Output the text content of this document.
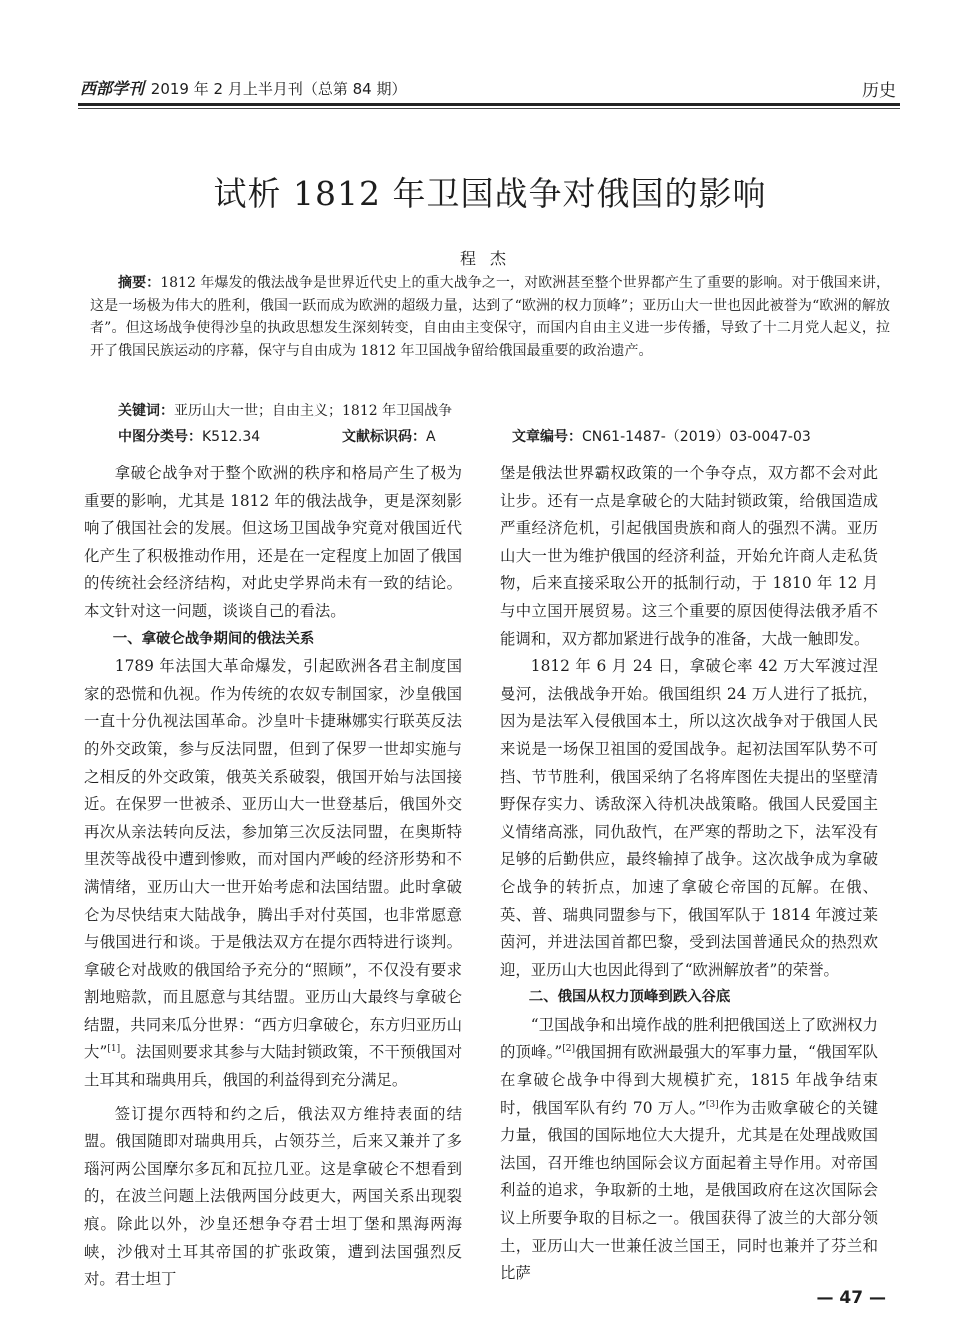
西部学刊 2019 年 2 月上半月刊（总第 84 期）	历史
试析 1812 年卫国战争对俄国的影响
程杰

摘要：1812 年爆发的俄法战争是世界近代史上的重大战争之一，对欧洲甚至整个世界都产生了重要的影响。对于俄国来讲，这是一场极为伟大的胜利，俄国一跃而成为欧洲的超级力量，达到了“欧洲的权力顶峰”；亚历山大一世也因此被誉为“欧洲的解放者”。但这场战争使得沙皇的执政思想发生深刻转变，自由由主变保守，而国内自由主义进一步传播，导致了十二月党人起义，拉开了俄国民族运动的序幕，保守与自由成为 1812 年卫国战争留给俄国最重要的政治遗产。

关键词：亚历山大一世；自由主义；1812 年卫国战争
中图分类号：K512.34	文献标识码：A	文章编号：CN61-1487-（2019）03-0047-03

拿破仑战争对于整个欧洲的秩序和格局产生了极为重要的影响，尤其是 1812 年的俄法战争，更是深刻影响了俄国社会的发展。但这场卫国战争究竟对俄国近代化产生了积极推动作用，还是在一定程度上加固了俄国的传统社会经济结构，对此史学界尚未有一致的结论。本文针对这一问题，谈谈自己的看法。

一、拿破仑战争期间的俄法关系

1789 年法国大革命爆发，引起欧洲各君主制度国家的恐慌和仇视。作为传统的农奴专制国家，沙皇俄国一直十分仇视法国革命。沙皇叶卡捷琳娜实行联英反法的外交政策，参与反法同盟，但到了保罗一世却实施与之相反的外交政策，俄英关系破裂，俄国开始与法国接近。在保罗一世被杀、亚历山大一世登基后，俄国外交再次从亲法转向反法，参加第三次反法同盟，在奥斯特里茨等战役中遭到惨败，而对国内严峻的经济形势和不满情绪，亚历山大一世开始考虑和法国结盟。此时拿破仑为尽快结束大陆战争，腾出手对付英国，也非常愿意与俄国进行和谈。于是俄法双方在提尔西特进行谈判。拿破仑对战败的俄国给予充分的“照顾”，不仅没有要求割地赔款，而且愿意与其结盟。亚历山大最终与拿破仑结盟，共同来瓜分世界：“西方归拿破仑，东方归亚历山大”[1]。法国则要求其参与大陆封锁政策，不干预俄国对土耳其和瑞典用兵，俄国的利益得到充分满足。

签订提尔西特和约之后，俄法双方维持表面的结盟。俄国随即对瑞典用兵，占领芬兰，后来又兼并了多瑙河两公国摩尔多瓦和瓦拉几亚。这是拿破仑不想看到的，在波兰问题上法俄两国分歧更大，两国关系出现裂痕。除此以外，沙皇还想争夺君士坦丁堡和黑海两海峡，沙俄对土耳其帝国的扩张政策，遭到法国强烈反对。君士坦丁

堡是俄法世界霸权政策的一个争夺点，双方都不会对此让步。还有一点是拿破仑的大陆封锁政策，给俄国造成严重经济危机，引起俄国贵族和商人的强烈不满。亚历山大一世为维护俄国的经济利益，开始允许商人走私货物，后来直接采取公开的抵制行动，于 1810 年 12 月与中立国开展贸易。这三个重要的原因使得法俄矛盾不能调和，双方都加紧进行战争的准备，大战一触即发。

1812 年 6 月 24 日，拿破仑率 42 万大军渡过涅曼河，法俄战争开始。俄国组织 24 万人进行了抵抗，因为是法军入侵俄国本土，所以这次战争对于俄国人民来说是一场保卫祖国的爱国战争。起初法国军队势不可挡、节节胜利，俄国采纳了名将库图佐夫提出的坚壁清野保存实力、诱敌深入待机决战策略。俄国人民爱国主义情绪高涨，同仇敌忾，在严寒的帮助之下，法军没有足够的后勤供应，最终输掉了战争。这次战争成为拿破仑战争的转折点，加速了拿破仑帝国的瓦解。在俄、英、普、瑞典同盟参与下，俄国军队于 1814 年渡过莱茵河，并进法国首都巴黎，受到法国普通民众的热烈欢迎，亚历山大也因此得到了“欧洲解放者”的荣誉。

二、俄国从权力顶峰到跌入谷底

“卫国战争和出境作战的胜利把俄国送上了欧洲权力的顶峰。”[2]俄国拥有欧洲最强大的军事力量，“俄国军队在拿破仑战争中得到大规模扩充，1815 年战争结束时，俄国军队有约 70 万人。”[3]作为击败拿破仑的关键力量，俄国的国际地位大大提升，尤其是在处理战败国法国，召开维也纳国际会议方面起着主导作用。对帝国利益的追求，争取新的土地，是俄国政府在这次国际会议上所要争取的目标之一。俄国获得了波兰的大部分领土，亚历山大一世兼任波兰国王，同时也兼并了芬兰和比萨

— 47 —
